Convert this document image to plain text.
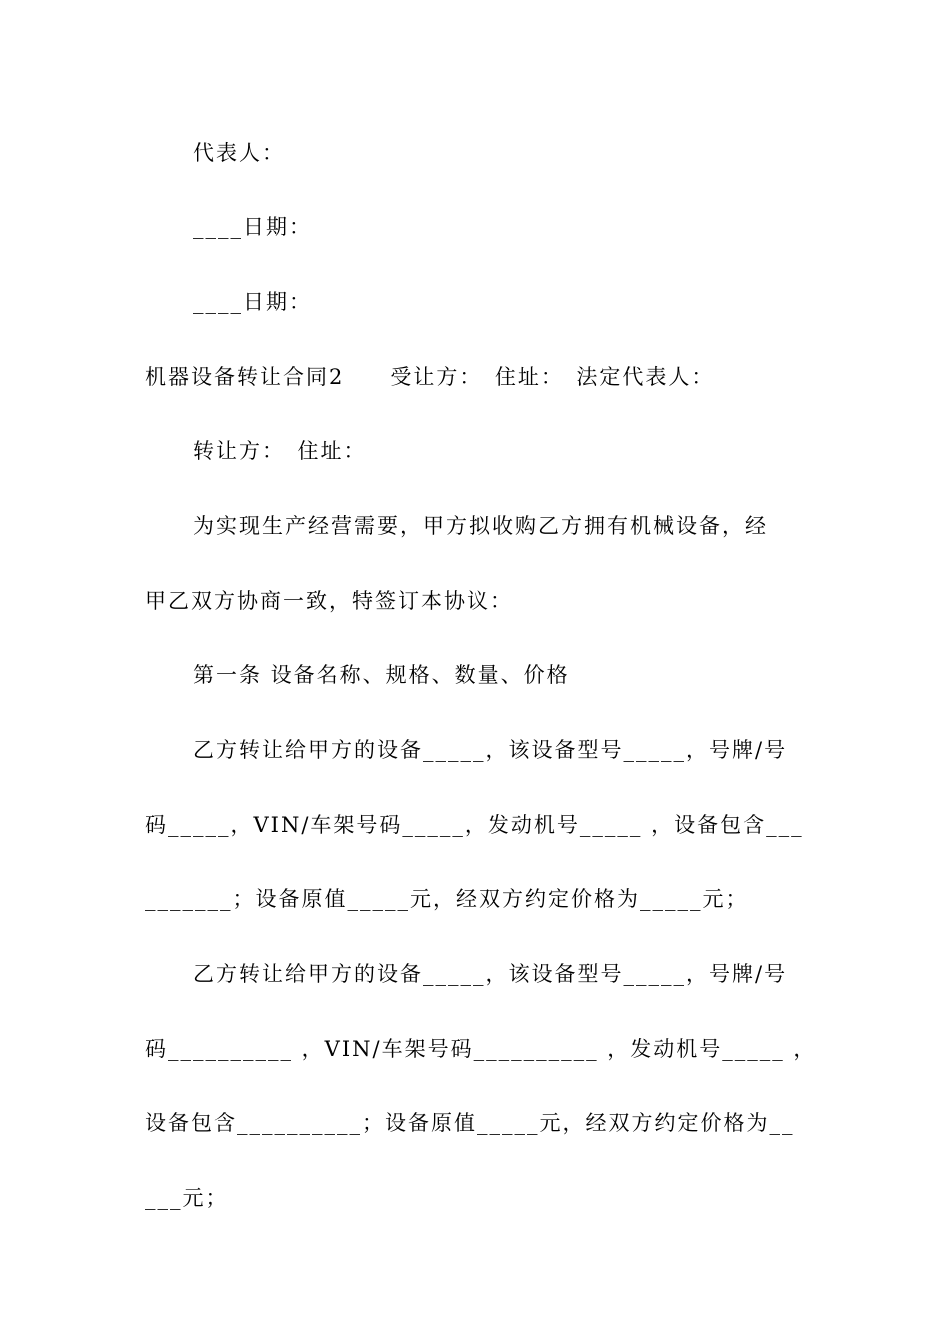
代表人：
____日期：
____日期：
机器设备转让合同2　　受让方：　住址：　法定代表人：
转让方：　住址：
为实现生产经营需要，甲方拟收购乙方拥有机械设备，经
甲乙双方协商一致，特签订本协议：
第一条 设备名称、规格、数量、价格
乙方转让给甲方的设备_____，该设备型号_____，号牌/号
码_____，VIN/车架号码_____，发动机号_____ ，设备包含___
_______；设备原值_____元，经双方约定价格为_____元；
乙方转让给甲方的设备_____，该设备型号_____，号牌/号
码__________ ，VIN/车架号码__________ ，发动机号_____ ，
设备包含__________；设备原值_____元，经双方约定价格为__
___元；
